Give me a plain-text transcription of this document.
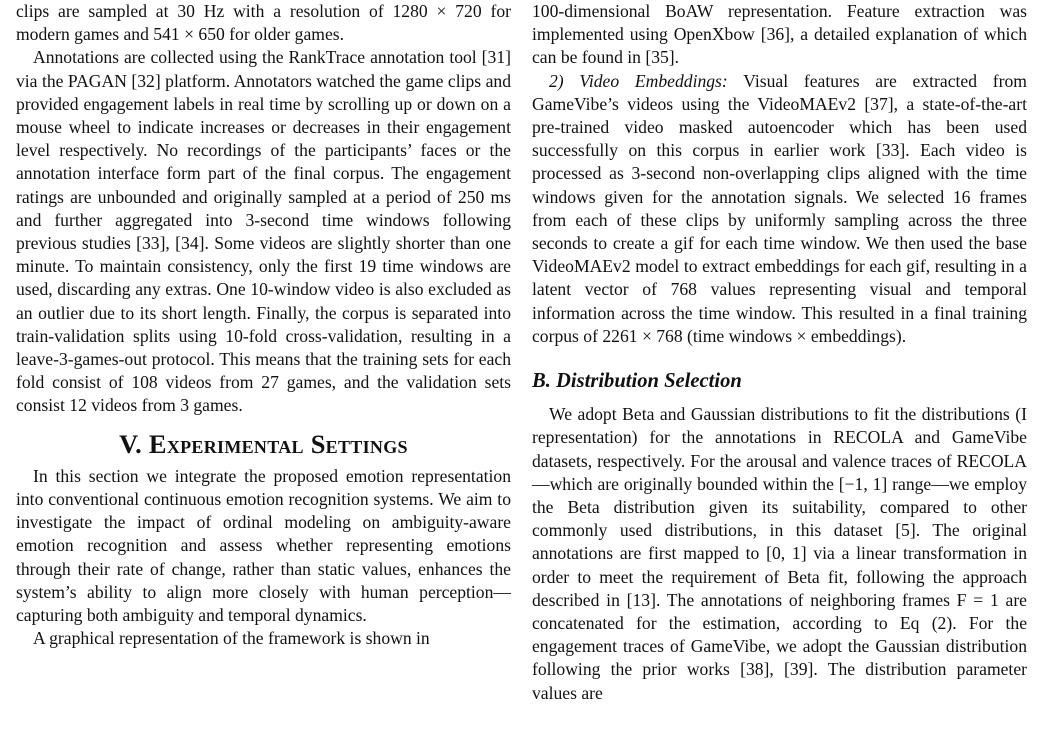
clips are sampled at 30 Hz with a resolution of 1280 × 720 for modern games and 541 × 650 for older games.

Annotations are collected using the RankTrace annotation tool [31] via the PAGAN [32] platform. Annotators watched the game clips and provided engagement labels in real time by scrolling up or down on a mouse wheel to indicate increases or decreases in their engagement level respectively. No recordings of the participants’ faces or the annotation interface form part of the final corpus. The engagement ratings are unbounded and originally sampled at a period of 250 ms and further aggregated into 3-second time windows following previous studies [33], [34]. Some videos are slightly shorter than one minute. To maintain consistency, only the first 19 time windows are used, discarding any extras. One 10-window video is also excluded as an outlier due to its short length. Finally, the corpus is separated into train-validation splits using 10-fold cross-validation, resulting in a leave-3-games-out protocol. This means that the training sets for each fold consist of 108 videos from 27 games, and the validation sets consist 12 videos from 3 games.

V. Experimental Settings

In this section we integrate the proposed emotion representation into conventional continuous emotion recognition systems. We aim to investigate the impact of ordinal modeling on ambiguity-aware emotion recognition and assess whether representing emotions through their rate of change, rather than static values, enhances the system’s ability to align more closely with human perception—capturing both ambiguity and temporal dynamics.

A graphical representation of the framework is shown in

100-dimensional BoAW representation. Feature extraction was implemented using OpenXbow [36], a detailed explanation of which can be found in [35].

2) Video Embeddings: Visual features are extracted from GameVibe’s videos using the VideoMAEv2 [37], a state-of-the-art pre-trained video masked autoencoder which has been used successfully on this corpus in earlier work [33]. Each video is processed as 3-second non-overlapping clips aligned with the time windows given for the annotation signals. We selected 16 frames from each of these clips by uniformly sampling across the three seconds to create a gif for each time window. We then used the base VideoMAEv2 model to extract embeddings for each gif, resulting in a latent vector of 768 values representing visual and temporal information across the time window. This resulted in a final training corpus of 2261 × 768 (time windows × embeddings).

B. Distribution Selection

We adopt Beta and Gaussian distributions to fit the distributions (I representation) for the annotations in RECOLA and GameVibe datasets, respectively. For the arousal and valence traces of RECOLA—which are originally bounded within the [−1, 1] range—we employ the Beta distribution given its suitability, compared to other commonly used distributions, in this dataset [5]. The original annotations are first mapped to [0, 1] via a linear transformation in order to meet the requirement of Beta fit, following the approach described in [13]. The annotations of neighboring frames F = 1 are concatenated for the estimation, according to Eq (2). For the engagement traces of GameVibe, we adopt the Gaussian distribution following the prior works [38], [39]. The distribution parameter values are
